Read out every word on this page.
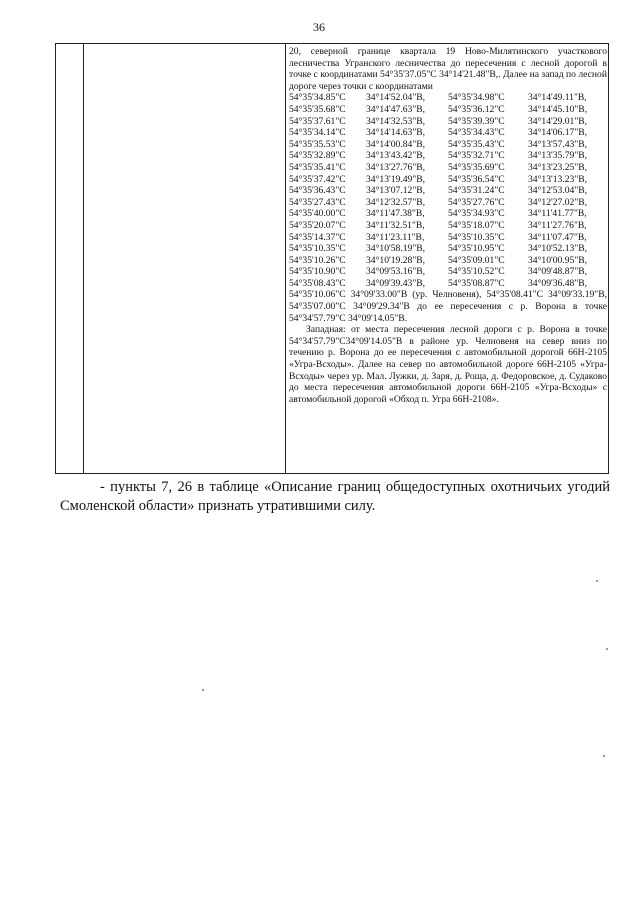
36

20, северной границе квартала 19 Ново-Милятинского участкового лесничества Угранского лесничества до пересечения с лесной дорогой в точке с координатами 54°35'37.05"С 34°14'21.48"В,. Далее на запад по лесной дороге через точки с координатами

54°35'34.85"С	34°14'52.04"В,	54°35'34.98"С	34°14'49.11"В,
54°35'35.68"С	34°14'47.63"В,	54°35'36.12"С	34°14'45.10"В,
54°35'37.61"С	34°14'32.53"В,	54°35'39.39"С	34°14'29.01"В,
54°35'34.14"С	34°14'14.63"В,	54°35'34.43"С	34°14'06.17"В,
54°35'35.53"С	34°14'00.84"В,	54°35'35.43"С	34°13'57.43"В,
54°35'32.89"С	34°13'43.42"В,	54°35'32.71"С	34°13'35.79"В,
54°35'35.41"С	34°13'27.76"В,	54°35'35.69"С	34°13'23.25"В,
54°35'37.42"С	34°13'19.49"В,	54°35'36.54"С	34°13'13.23"В,
54°35'36.43"С	34°13'07.12"В,	54°35'31.24"С	34°12'53.04"В,
54°35'27.43"С	34°12'32.57"В,	54°35'27.76"С	34°12'27.02"В,
54°35'40.00"С	34°11'47.38"В,	54°35'34.93"С	34°11'41.77"В,
54°35'20.07"С	34°11'32.51"В,	54°35'18.07"С	34°11'27.76"В,
54°35'14.37"С	34°11'23.11"В,	54°35'10.35"С	34°11'07.47"В,
54°35'10.35"С	34°10'58.19"В,	54°35'10.95"С	34°10'52.13"В,
54°35'10.26"С	34°10'19.28"В,	54°35'09.01"С	34°10'00.95"В,
54°35'10.90"С	34°09'53.16"В,	54°35'10.52"С	34°09'48.87"В,
54°35'08.43"С	34°09'39.43"В,	54°35'08.87"С	34°09'36.48"В,

54°35'10.06"С 34°09'33.00"В (ур. Челновеня), 54°35'08.41"С 34°09'33.19"В, 54°35'07.00"С 34°09'29.34"В до ее пересечения с р. Ворона в точке 54°34'57.79"С 34°09'14.05"В.

Западная: от места пересечения лесной дороги с р. Ворона в точке 54°34'57.79"С34°09'14.05"В в районе ур. Челновеня на север вниз по течению р. Ворона до ее пересечения с автомобильной дорогой 66Н-2105 «Угра-Всходы». Далее на север по автомобильной дороге 66Н-2105 «Угра-Всходы» через ур. Мал. Лужки, д. Заря, д. Роща, д. Федоровское, д. Судаково до места пересечения автомобильной дороги 66Н-2105 «Угра-Всходы» с автомобильной дорогой «Обход п. Угра 66Н-2108».

- пункты 7, 26 в таблице «Описание границ общедоступных охотничьих угодий Смоленской области» признать утратившими силу.
